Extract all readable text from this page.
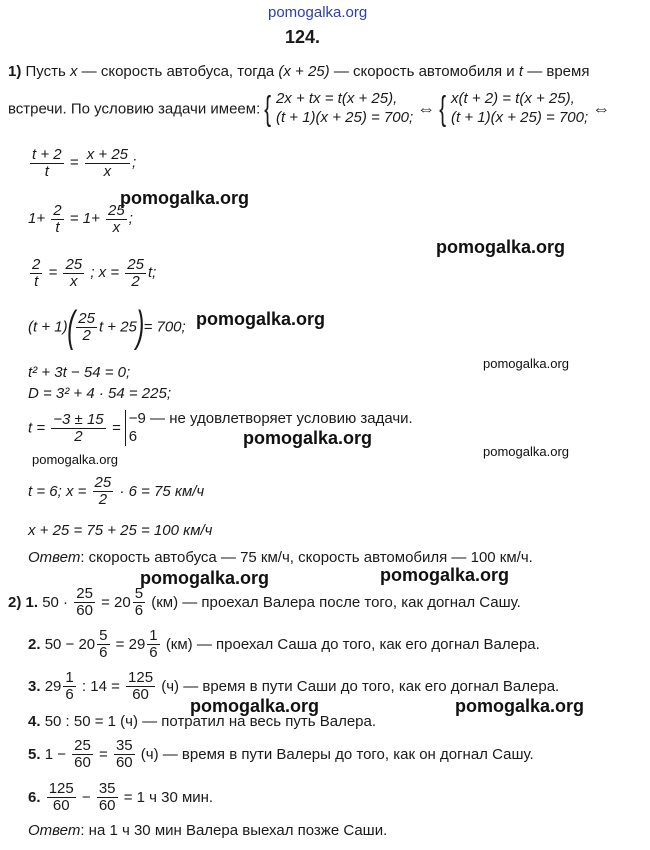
pomogalka.org
124.
1) Пусть x — скорость автобуса, тогда (x + 25) — скорость автомобиля и t — время
встречи. По условию задачи имеем: { 2x + tx = t(x + 25),
(t + 1)(x + 25) = 700; ⇔ { x(t + 2) = t(x + 25),
(t + 1)(x + 25) = 700; ⇔
$\frac{t + 2}{t} = \frac{x + 25}{x}$ ;
pomogalka.org
$1+ \frac{2}{t} = 1+ \frac{25}{x}$ ;
pomogalka.org
$\frac{2}{t} = \frac{25}{x}$ ; $x = \frac{25}{2} t$;
$(t + 1)( \frac{25}{2}$ t + 25)= 700; pomogalka.org
pomogalka.org
t² + 3t − 54 = 0;
D = 3² + 4 · 54 = 225;
$t = \frac{-3 \pm 15}{2} = -9$ — не удовлетворяет условию задачи.
6	pomogalka.org
pomogalka.org
pomogalka.org
t = 6; $x = \frac{25}{2} \cdot 6 = 75$ км/ч
x + 25 = 75 + 25 = 100 км/ч
Ответ: скорость автобуса — 75 км/ч, скорость автомобиля — 100 км/ч.
pomogalka.org	pomogalka.org
2) 1. $50 \cdot \frac{25}{60} = 20 \frac{5}{6} (км)$ — проехал Валера после того, как догнал Сашу.
2. $50 - 20 \frac{5}{6} = 29 \frac{1}{6} (км)$ — проехал Саша до того, как его догнал Валера.
3. $29 \frac{1}{6}$ : $14 = \frac{125}{60} (ч)$ — время в пути Саши до того, как его догнал Валера.
pomogalka.org	pomogalka.org
4. 50 : 50 = 1 (ч) — потратил на весь путь Валера.
5. $1 - \frac{25}{60} = \frac{35}{60} (ч)$ — время в пути Валеры до того, как он догнал Сашу.
6. $\frac{125}{60} - \frac{35}{60} = 1$ ч 30 мин.
Ответ: на 1 ч 30 мин Валера выехал позже Саши.
